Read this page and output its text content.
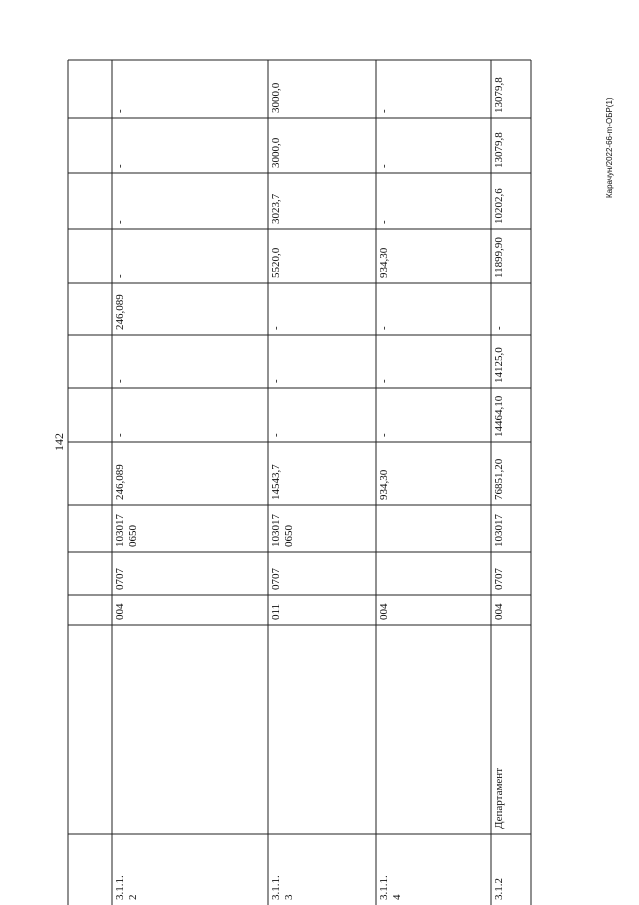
142
Карачун/2022-66-m-ОБР(1)
3.1.1.
2
-
-
-
-
246,089
-
-
246,089
103017
0650
0707
004
3.1.1.
3
3000,0
3000,0
3023,7
5520,0
-
-
-
14543,7
103017
0650
0707
011
3.1.1.
4
-
-
-
934,30
-
-
-
934,30
004
3.1.2
13079,8
13079,8
10202,6
11899,90
-
14125,0
14464,10
76851,20
103017
0707
004
Департамент
